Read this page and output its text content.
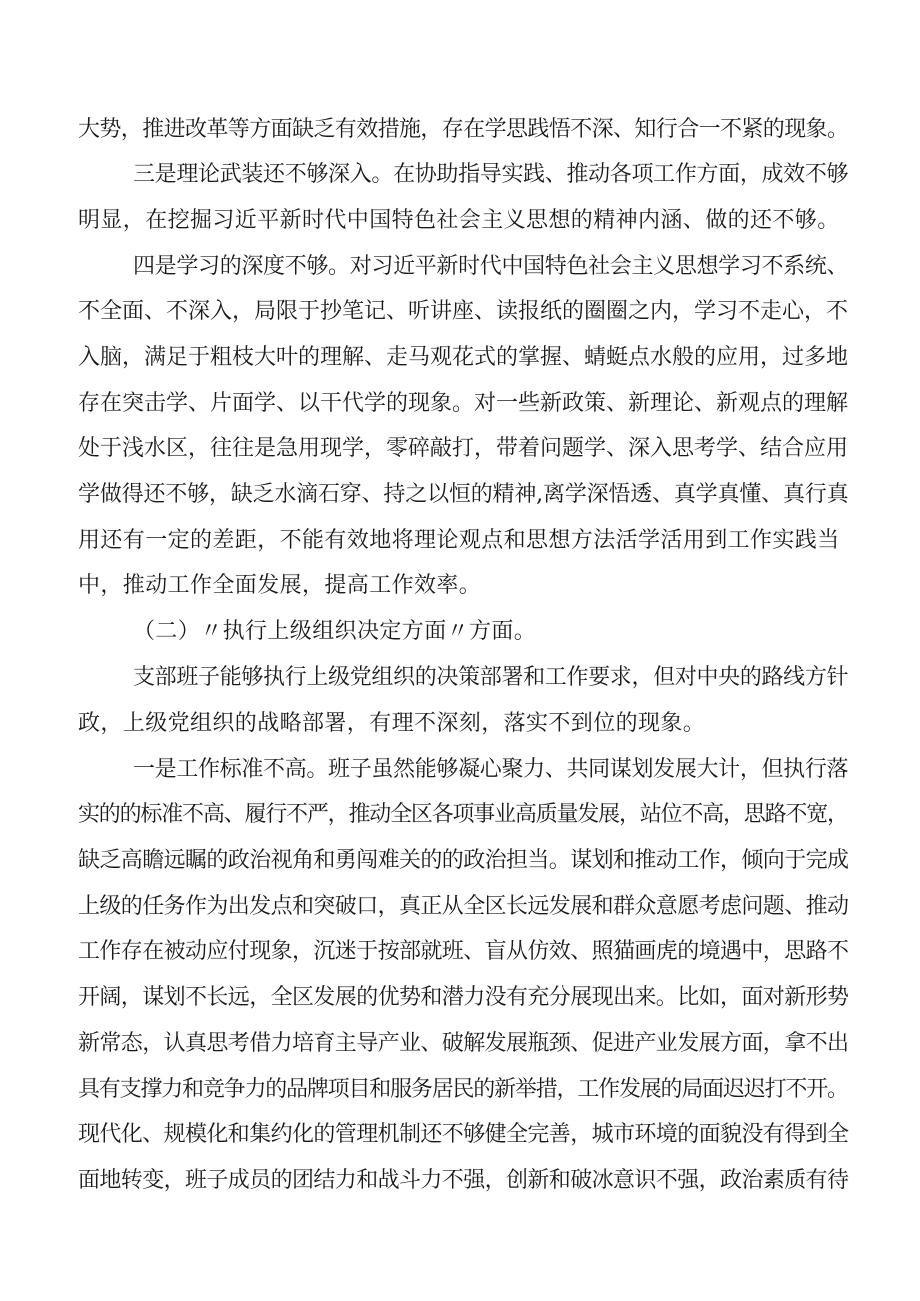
大势，推进改革等方面缺乏有效措施，存在学思践悟不深、知行合一不紧的现象。
三是理论武装还不够深入。在协助指导实践、推动各项工作方面，成效不够
明显，在挖掘习近平新时代中国特色社会主义思想的精神内涵、做的还不够。
四是学习的深度不够。对习近平新时代中国特色社会主义思想学习不系统、
不全面、不深入，局限于抄笔记、听讲座、读报纸的圈圈之内，学习不走心，不
入脑，满足于粗枝大叶的理解、走马观花式的掌握、蜻蜓点水般的应用，过多地
存在突击学、片面学、以干代学的现象。对一些新政策、新理论、新观点的理解
处于浅水区，往往是急用现学，零碎敲打，带着问题学、深入思考学、结合应用
学做得还不够，缺乏水滴石穿、持之以恒的精神,离学深悟透、真学真懂、真行真
用还有一定的差距，不能有效地将理论观点和思想方法活学活用到工作实践当
中，推动工作全面发展，提高工作效率。
（二）〃执行上级组织决定方面〃方面。
支部班子能够执行上级党组织的决策部署和工作要求，但对中央的路线方针
政，上级党组织的战略部署，有理不深刻，落实不到位的现象。
一是工作标准不高。班子虽然能够凝心聚力、共同谋划发展大计，但执行落
实的的标准不高、履行不严，推动全区各项事业高质量发展，站位不高，思路不宽，
缺乏高瞻远瞩的政治视角和勇闯难关的的政治担当。谋划和推动工作，倾向于完成
上级的任务作为出发点和突破口，真正从全区长远发展和群众意愿考虑问题、推动
工作存在被动应付现象，沉迷于按部就班、盲从仿效、照猫画虎的境遇中，思路不
开阔，谋划不长远，全区发展的优势和潜力没有充分展现出来。比如，面对新形势
新常态，认真思考借力培育主导产业、破解发展瓶颈、促进产业发展方面，拿不出
具有支撑力和竞争力的品牌项目和服务居民的新举措，工作发展的局面迟迟打不开。
现代化、规模化和集约化的管理机制还不够健全完善，城市环境的面貌没有得到全
面地转变，班子成员的团结力和战斗力不强，创新和破冰意识不强，政治素质有待
